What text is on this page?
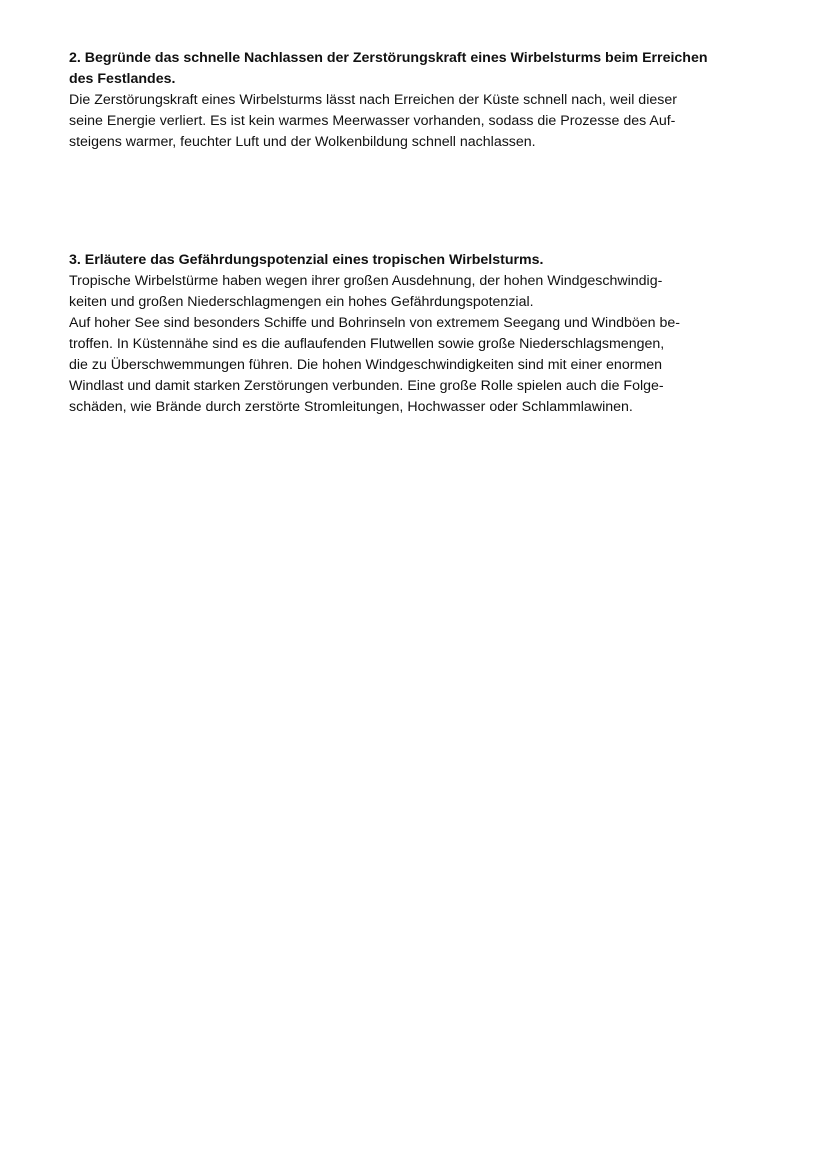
2. Begründe das schnelle Nachlassen der Zerstörungskraft eines Wirbelsturms beim Erreichen
des Festlandes.
Die Zerstörungskraft eines Wirbelsturms lässt nach Erreichen der Küste schnell nach, weil dieser
seine Energie verliert. Es ist kein warmes Meerwasser vorhanden, sodass die Prozesse des Auf-
steigens warmer, feuchter Luft und der Wolkenbildung schnell nachlassen.
3. Erläutere das Gefährdungspotenzial eines tropischen Wirbelsturms.
Tropische Wirbelstürme haben wegen ihrer großen Ausdehnung, der hohen Windgeschwindig-
keiten und großen Niederschlagmengen ein hohes Gefährdungspotenzial.
Auf hoher See sind besonders Schiffe und Bohrinseln von extremem Seegang und Windböen be-
troffen. In Küstennähe sind es die auflaufenden Flutwellen sowie große Niederschlagsmengen,
die zu Überschwemmungen führen. Die hohen Windgeschwindigkeiten sind mit einer enormen
Windlast und damit starken Zerstörungen verbunden. Eine große Rolle spielen auch die Folge-
schäden, wie Brände durch zerstörte Stromleitungen, Hochwasser oder Schlammlawinen.
